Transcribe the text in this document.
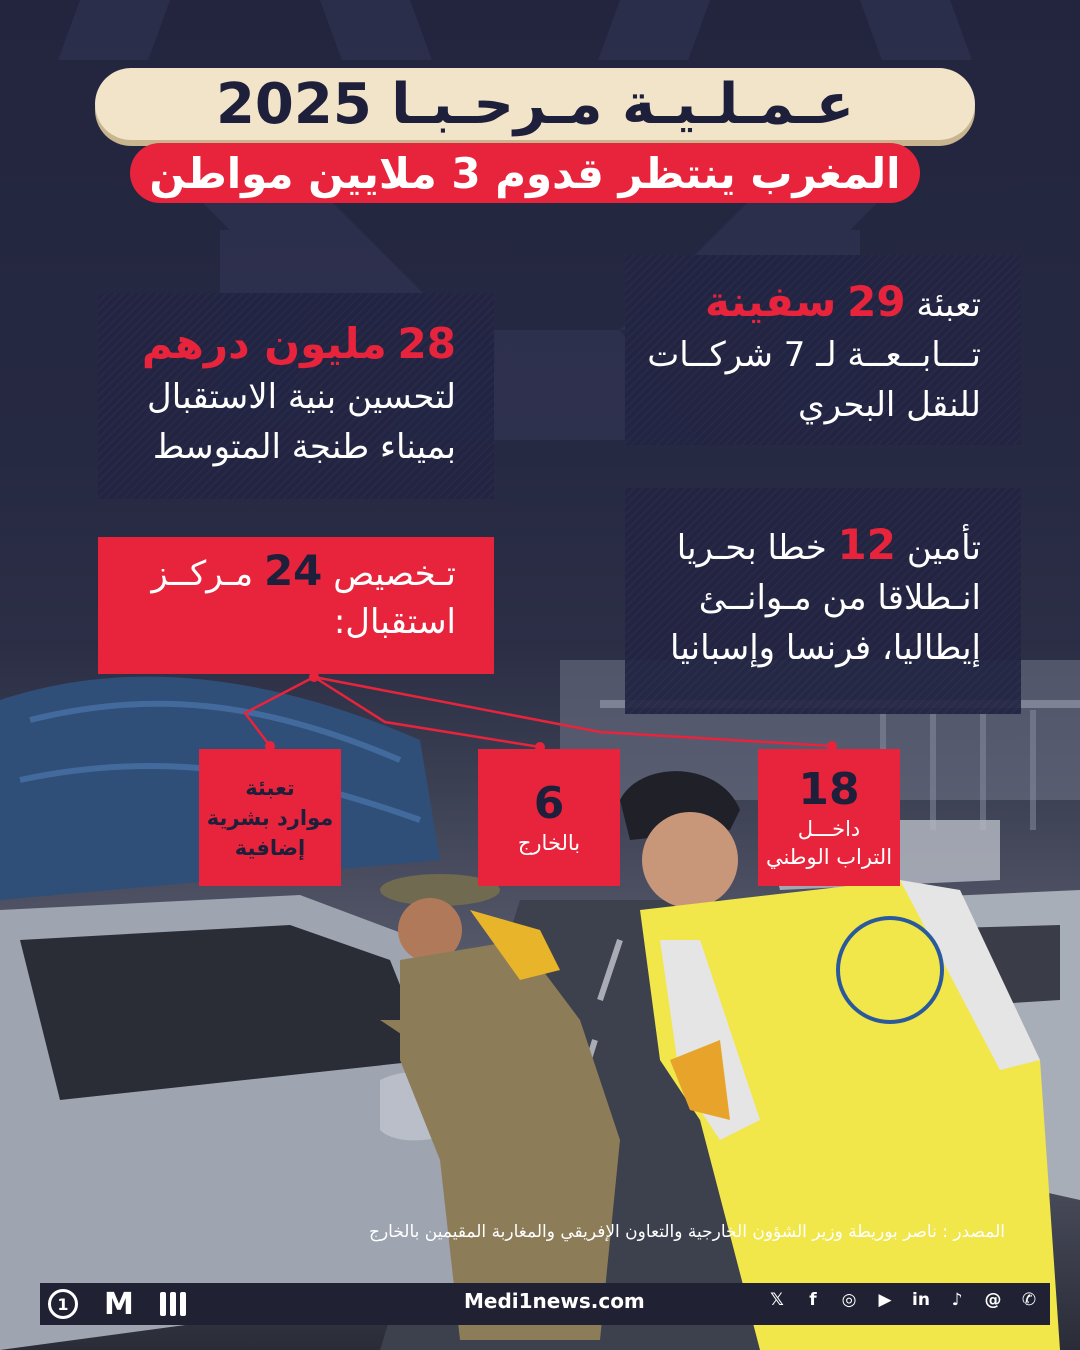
عـمـلـيـة مـرحـبـا 2025
المغرب ينتظر قدوم 3 ملايين مواطن
تعبئة 29 سفينة
تـــابــعــة لـ 7 شركــات
للنقل البحري
28 مليون درهم
لتحسين بنية الاستقبال
بميناء طنجة المتوسط
تأمين 12 خطا بحـريا
انـطلاقا من مـوانــئ
إيطاليا، فرنسا وإسبانيا
تـخصيص 24 مـركــز
استقبال:
تعبئة
موارد بشرية
إضافية
6
بالخارج
18
داخـــل
التراب الوطني
المصدر : ناصر بوريطة وزير الشؤون الخارجية والتعاون الإفريقي والمغاربة المقيمين بالخارج
1	M	Medi1news.com	𝕏	f	◎ ▶ in	♪	@ ✆
